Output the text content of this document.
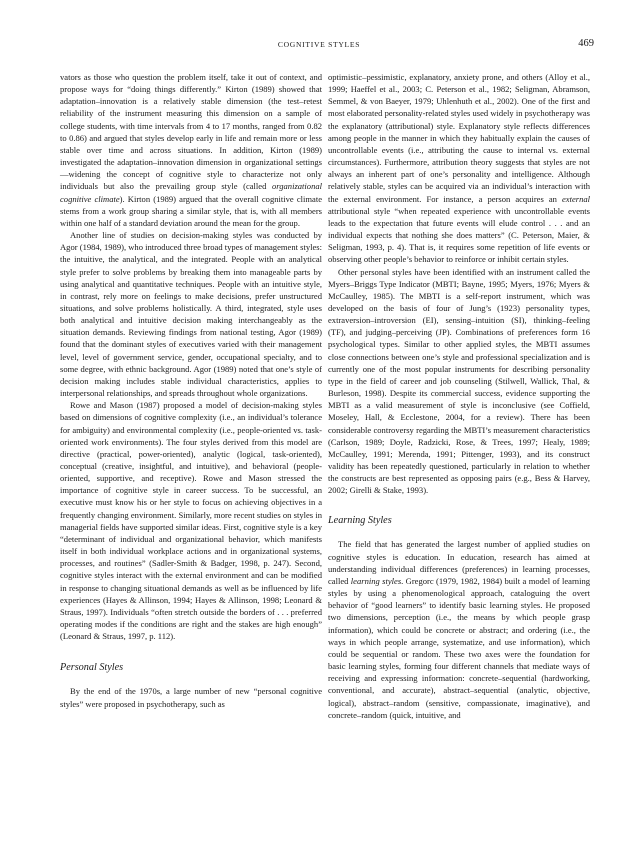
COGNITIVE STYLES	469

vators as those who question the problem itself, take it out of context, and propose ways for “doing things differently.” Kirton (1989) showed that adaptation–innovation is a relatively stable dimension (the test–retest reliability of the instrument measuring this dimension on a sample of college students, with time intervals from 4 to 17 months, ranged from 0.82 to 0.86) and argued that styles develop early in life and remain more or less stable over time and across situations. In addition, Kirton (1989) investigated the adaptation–innovation dimension in organizational settings—widening the concept of cognitive style to characterize not only individuals but also the prevailing group style (called organizational cognitive climate). Kirton (1989) argued that the overall cognitive climate stems from a work group sharing a similar style, that is, with all members within one half of a standard deviation around the mean for the group.

Another line of studies on decision-making styles was conducted by Agor (1984, 1989), who introduced three broad types of management styles: the intuitive, the analytical, and the integrated. People with an analytical style prefer to solve problems by breaking them into manageable parts by using analytical and quantitative techniques. People with an intuitive style, in contrast, rely more on feelings to make decisions, prefer unstructured situations, and solve problems holistically. A third, integrated, style uses both analytical and intuitive decision making interchangeably as the situation demands. Reviewing findings from national testing, Agor (1989) found that the dominant styles of executives varied with their management level, level of government service, gender, occupational specialty, and to some degree, with ethnic background. Agor (1989) noted that one’s style of decision making includes stable individual characteristics, applies to interpersonal relationships, and spreads throughout whole organizations.

Rowe and Mason (1987) proposed a model of decision-making styles based on dimensions of cognitive complexity (i.e., an individual’s tolerance for ambiguity) and environmental complexity (i.e., people-oriented vs. task-oriented work environments). The four styles derived from this model are directive (practical, power-oriented), analytic (logical, task-oriented), conceptual (creative, insightful, and intuitive), and behavioral (people-oriented, supportive, and receptive). Rowe and Mason stressed the importance of cognitive style in career success. To be successful, an executive must know his or her style to focus on achieving objectives in a frequently changing environment. Similarly, more recent studies on styles in managerial fields have supported similar ideas. First, cognitive style is a key “determinant of individual and organizational behavior, which manifests itself in both individual workplace actions and in organizational systems, processes, and routines” (Sadler-Smith & Badger, 1998, p. 247). Second, cognitive styles interact with the external environment and can be modified in response to changing situational demands as well as be influenced by life experiences (Hayes & Allinson, 1994; Hayes & Allinson, 1998; Leonard & Straus, 1997). Individuals “often stretch outside the borders of . . . preferred operating modes if the conditions are right and the stakes are high enough” (Leonard & Straus, 1997, p. 112).

Personal Styles

By the end of the 1970s, a large number of new “personal cognitive styles” were proposed in psychotherapy, such as

optimistic–pessimistic, explanatory, anxiety prone, and others (Alloy et al., 1999; Haeffel et al., 2003; C. Peterson et al., 1982; Seligman, Abramson, Semmel, & von Baeyer, 1979; Uhlenhuth et al., 2002). One of the first and most elaborated personality-related styles used widely in psychotherapy was the explanatory (attributional) style. Explanatory style reflects differences among people in the manner in which they habitually explain the causes of uncontrollable events (i.e., attributing the cause to internal vs. external circumstances). Furthermore, attribution theory suggests that styles are not always an inherent part of one’s personality and intelligence. Although relatively stable, styles can be acquired via an individual’s interaction with the external environment. For instance, a person acquires an external attributional style “when repeated experience with uncontrollable events leads to the expectation that future events will elude control . . . and an individual expects that nothing she does matters” (C. Peterson, Maier, & Seligman, 1993, p. 4). That is, it requires some repetition of life events or observing other people’s behavior to reinforce or inhibit certain styles.

Other personal styles have been identified with an instrument called the Myers–Briggs Type Indicator (MBTI; Bayne, 1995; Myers, 1976; Myers & McCaulley, 1985). The MBTI is a self-report instrument, which was developed on the basis of four of Jung’s (1923) personality types, extraversion–introversion (EI), sensing–intuition (SI), thinking–feeling (TF), and judging–perceiving (JP). Combinations of preferences form 16 psychological types. Similar to other applied styles, the MBTI assumes close connections between one’s style and professional specialization and is currently one of the most popular instruments for describing personality type in the field of career and job counseling (Stilwell, Wallick, Thal, & Burleson, 1998). Despite its commercial success, evidence supporting the MBTI as a valid measurement of style is inconclusive (see Coffield, Moseley, Hall, & Ecclestone, 2004, for a review). There has been considerable controversy regarding the MBTI’s measurement characteristics (Carlson, 1989; Doyle, Radzicki, Rose, & Trees, 1997; Healy, 1989; McCaulley, 1991; Merenda, 1991; Pittenger, 1993), and its construct validity has been repeatedly questioned, particularly in relation to whether the constructs are best represented as opposing pairs (e.g., Bess & Harvey, 2002; Girelli & Stake, 1993).

Learning Styles

The field that has generated the largest number of applied studies on cognitive styles is education. In education, research has aimed at understanding individual differences (preferences) in learning processes, called learning styles. Gregorc (1979, 1982, 1984) built a model of learning styles by using a phenomenological approach, cataloguing the overt behavior of “good learners” to identify basic learning styles. He proposed two dimensions, perception (i.e., the means by which people grasp information), which could be concrete or abstract; and ordering (i.e., the ways in which people arrange, systematize, and use information), which could be sequential or random. These two axes were the foundation for basic learning styles, forming four different channels that mediate ways of receiving and expressing information: concrete–sequential (hardworking, conventional, and accurate), abstract–sequential (analytic, objective, logical), abstract–random (sensitive, compassionate, imaginative), and concrete–random (quick, intuitive, and
